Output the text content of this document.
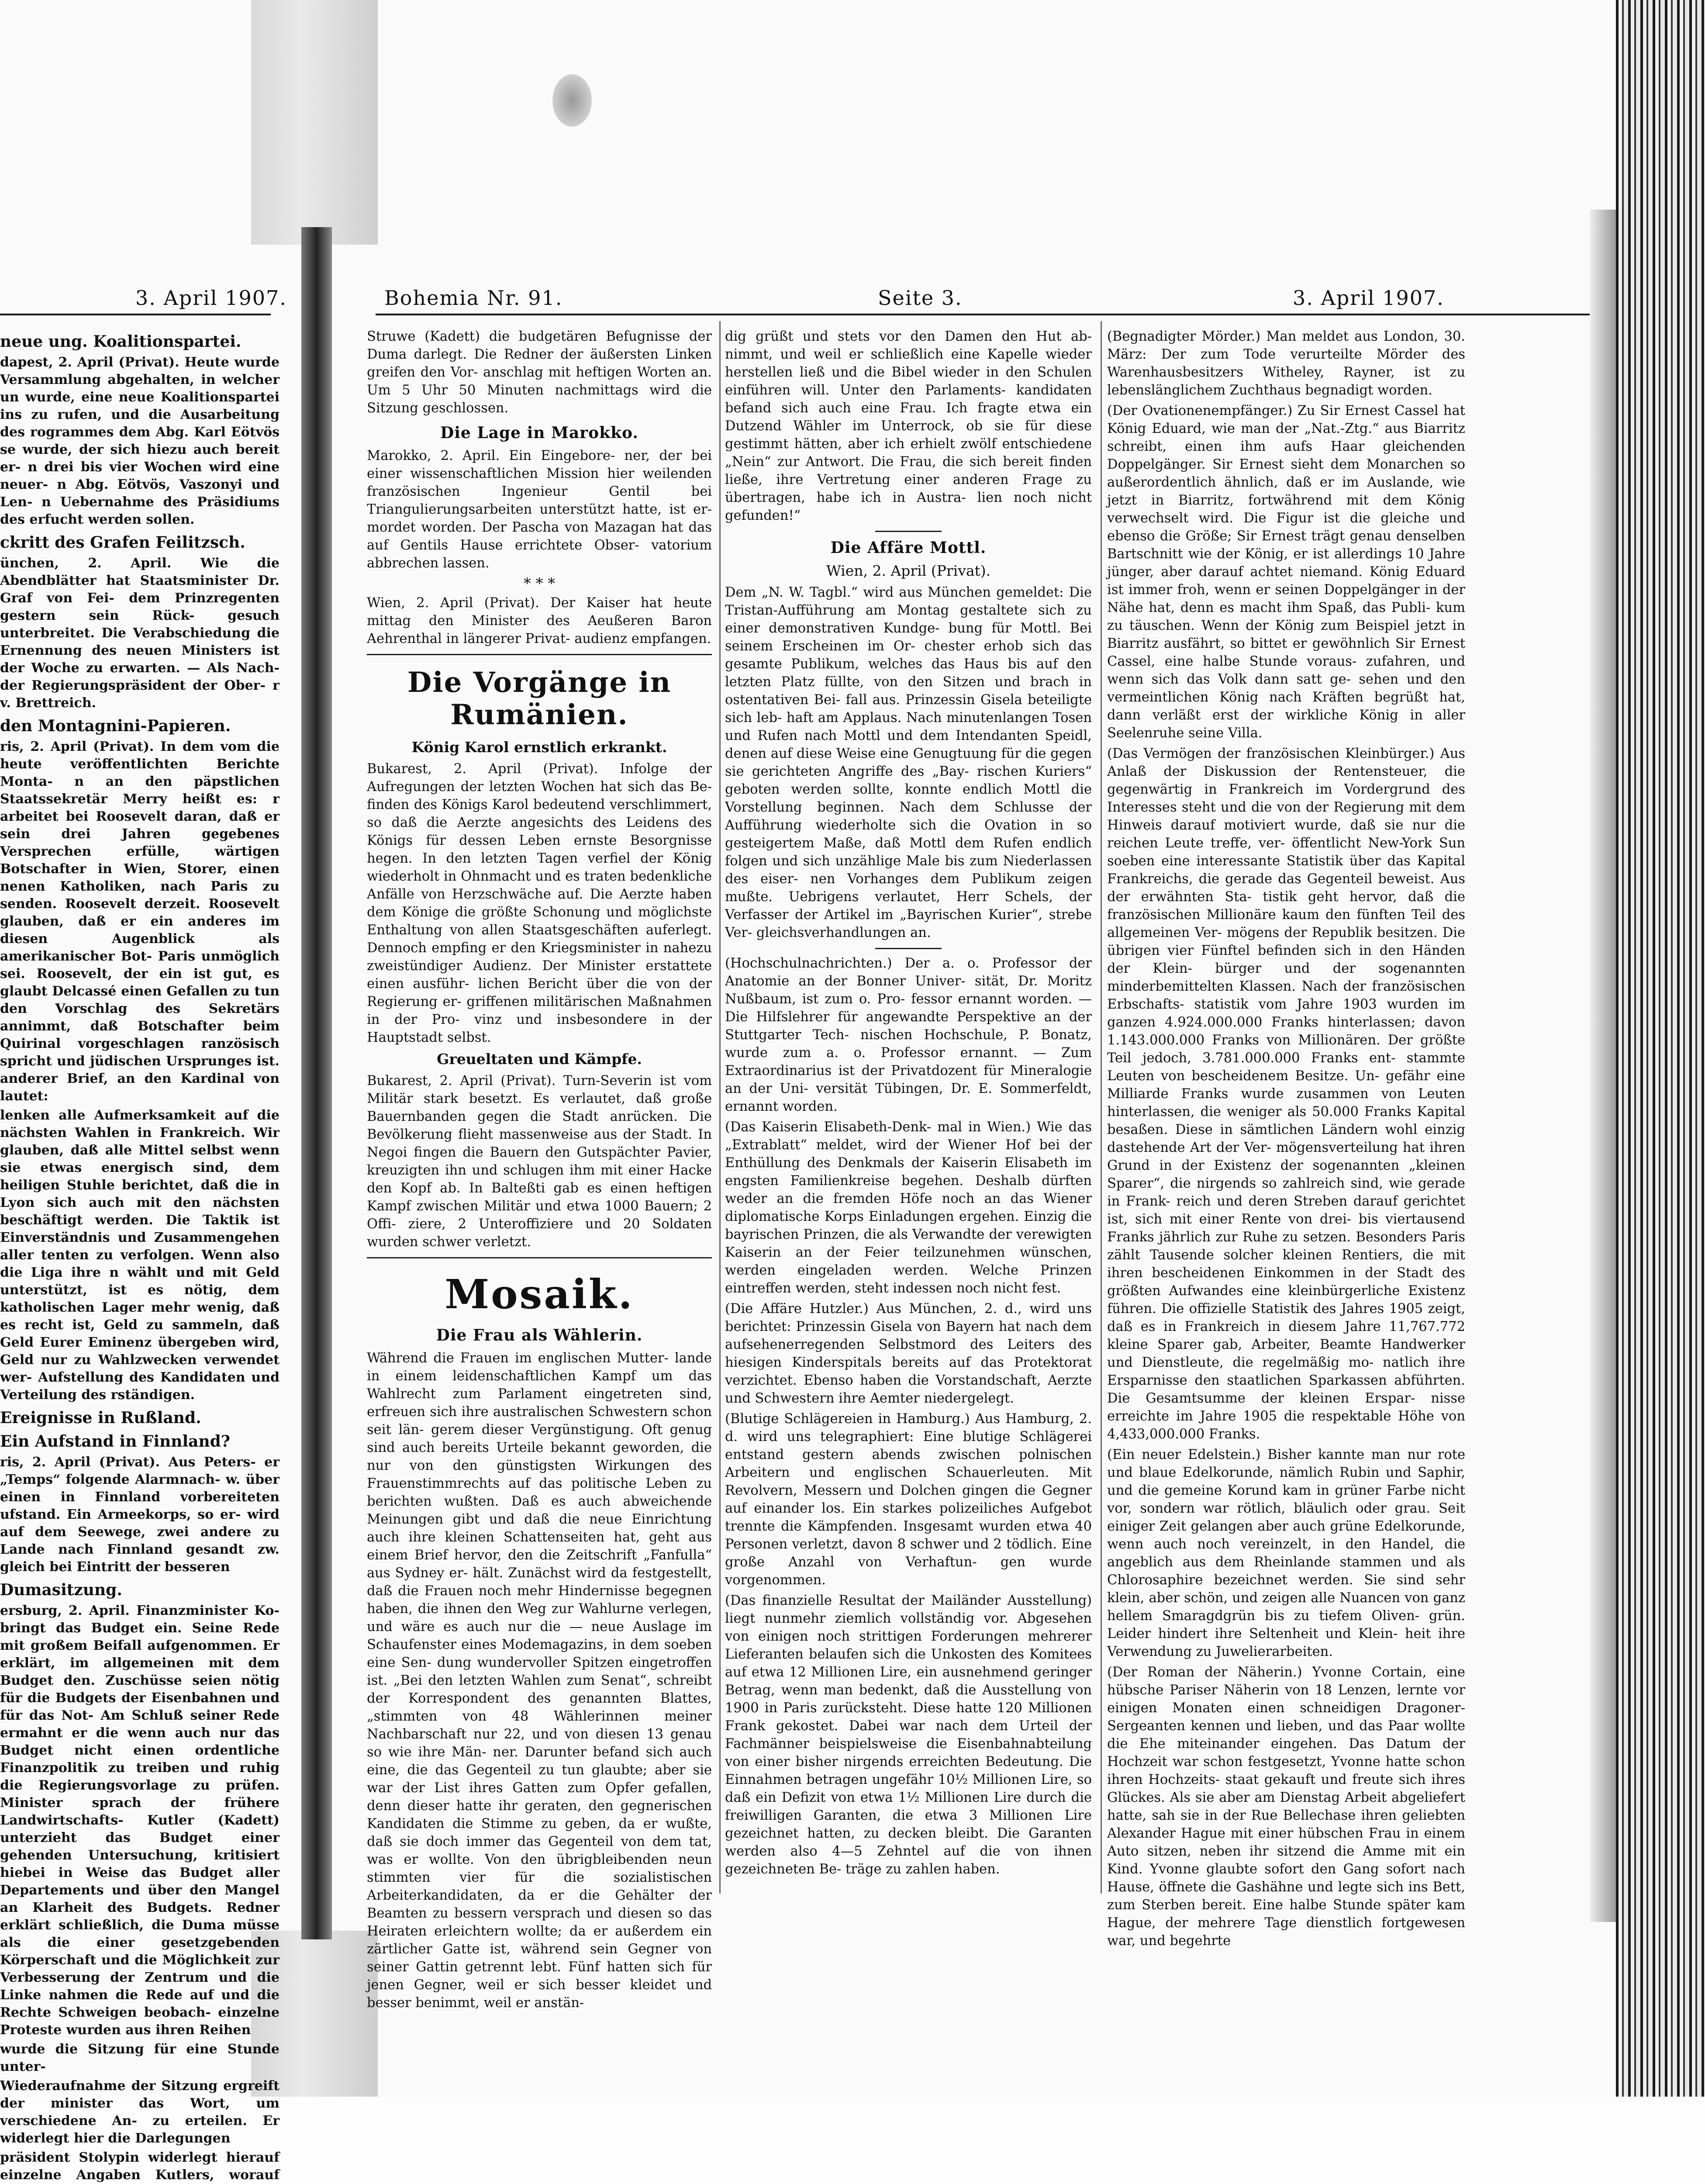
3. April 1907.
neue ung. Koalitionspartei.

dapest, 2. April (Privat). Heute wurde Versammlung abgehalten, in welcher un wurde, eine neue Koalitionspartei ins zu rufen, und die Ausarbeitung des rogrammes dem Abg. Karl Eötvös se wurde, der sich hiezu auch bereit er- n drei bis vier Wochen wird eine neuer- n Abg. Eötvös, Vaszonyi und Len- n Uebernahme des Präsidiums des erfucht werden sollen.

ckritt des Grafen Feilitzsch.

ünchen, 2. April. Wie die Abendblätter hat Staatsminister Dr. Graf von Fei- dem Prinzregenten gestern sein Rück- gesuch unterbreitet. Die Verabschiedung die Ernennung des neuen Ministers ist der Woche zu erwarten. — Als Nach- der Regierungspräsident der Ober- r v. Brettreich.

den Montagnini-Papieren.

ris, 2. April (Privat). In dem vom die heute veröffentlichten Berichte Monta- n an den päpstlichen Staatssekretär Merry heißt es: r arbeitet bei Roosevelt daran, daß er sein drei Jahren gegebenes Versprechen erfülle, wärtigen Botschafter in Wien, Storer, einen nenen Katholiken, nach Paris zu senden. Roosevelt derzeit. Roosevelt glauben, daß er ein anderes im diesen Augenblick als amerikanischer Bot- Paris unmöglich sei. Roosevelt, der ein ist gut, es glaubt Delcassé einen Gefallen zu tun den Vorschlag des Sekretärs annimmt, daß Botschafter beim Quirinal vorgeschlagen ranzösisch spricht und jüdischen Ursprunges ist. anderer Brief, an den Kardinal von lautet:

lenken alle Aufmerksamkeit auf die nächsten Wahlen in Frankreich. Wir glauben, daß alle Mittel selbst wenn sie etwas energisch sind, dem heiligen Stuhle berichtet, daß die in Lyon sich auch mit den nächsten beschäftigt werden. Die Taktik ist Einverständnis und Zusammengehen aller tenten zu verfolgen. Wenn also die Liga ihre n wählt und mit Geld unterstützt, ist es nötig, dem katholischen Lager mehr wenig, daß es recht ist, Geld zu sammeln, daß Geld Eurer Eminenz übergeben wird, Geld nur zu Wahlzwecken verwendet wer- Aufstellung des Kandidaten und Verteilung des rständigen.

Ereignisse in Rußland.
Ein Aufstand in Finnland?

ris, 2. April (Privat). Aus Peters- er „Temps“ folgende Alarmnach- w. über einen in Finnland vorbereiteten ufstand. Ein Armeekorps, so er- wird auf dem Seewege, zwei andere zu Lande nach Finnland gesandt zw. gleich bei Eintritt der besseren

Dumasitzung.

ersburg, 2. April. Finanzminister Ko- bringt das Budget ein. Seine Rede mit großem Beifall aufgenommen. Er erklärt, im allgemeinen mit dem Budget den. Zuschüsse seien nötig für die Budgets der Eisenbahnen und für das Not- Am Schluß seiner Rede ermahnt er die wenn auch nur das Budget nicht einen ordentliche Finanzpolitik zu treiben und ruhig die Regierungsvorlage zu prüfen. Minister sprach der frühere Landwirtschafts- Kutler (Kadett) unterzieht das Budget einer gehenden Untersuchung, kritisiert hiebei in Weise das Budget aller Departements und über den Mangel an Klarheit des Budgets. Redner erklärt schließlich, die Duma müsse als die einer gesetzgebenden Körperschaft und die Möglichkeit zur Verbesserung der Zentrum und die Linke nahmen die Rede auf und die Rechte Schweigen beobach- einzelne Proteste wurden aus ihren Reihen

wurde die Sitzung für eine Stunde unter-

Wiederaufnahme der Sitzung ergreift der minister das Wort, um verschiedene An- zu erteilen. Er widerlegt hier die Darlegungen

präsident Stolypin widerlegt hierauf einzelne Angaben Kutlers, worauf

Bohemia Nr. 91.	Seite 3.	3. April 1907.

Struwe (Kadett) die budgetären Befugnisse der Duma darlegt. Die Redner der äußersten Linken greifen den Vor- anschlag mit heftigen Worten an. Um 5 Uhr 50 Minuten nachmittags wird die Sitzung geschlossen.

Die Lage in Marokko.

Marokko, 2. April. Ein Eingebore- ner, der bei einer wissenschaftlichen Mission hier weilenden französischen Ingenieur Gentil bei Triangulierungsarbeiten unterstützt hatte, ist er- mordet worden. Der Pascha von Mazagan hat das auf Gentils Hause errichtete Obser- vatorium abbrechen lassen.

* * *

Wien, 2. April (Privat). Der Kaiser hat heute mittag den Minister des Aeußeren Baron Aehrenthal in längerer Privat- audienz empfangen.

Die Vorgänge in Rumänien.
König Karol ernstlich erkrankt.

Bukarest, 2. April (Privat). Infolge der Aufregungen der letzten Wochen hat sich das Be- finden des Königs Karol bedeutend verschlimmert, so daß die Aerzte angesichts des Leidens des Königs für dessen Leben ernste Besorgnisse hegen. In den letzten Tagen verfiel der König wiederholt in Ohnmacht und es traten bedenkliche Anfälle von Herzschwäche auf. Die Aerzte haben dem Könige die größte Schonung und möglichste Enthaltung von allen Staatsgeschäften auferlegt. Dennoch empfing er den Kriegsminister in nahezu zweistündiger Audienz. Der Minister erstattete einen ausführ- lichen Bericht über die von der Regierung er- griffenen militärischen Maßnahmen in der Pro- vinz und insbesondere in der Hauptstadt selbst.

Greueltaten und Kämpfe.

Bukarest, 2. April (Privat). Turn-Severin ist vom Militär stark besetzt. Es verlautet, daß große Bauernbanden gegen die Stadt anrücken. Die Bevölkerung flieht massenweise aus der Stadt. In Negoi fingen die Bauern den Gutspächter Pavier, kreuzigten ihn und schlugen ihm mit einer Hacke den Kopf ab. In Balteßti gab es einen heftigen Kampf zwischen Militär und etwa 1000 Bauern; 2 Offi- ziere, 2 Unteroffiziere und 20 Soldaten wurden schwer verletzt.

Mosaik.
Die Frau als Wählerin.

Während die Frauen im englischen Mutter- lande in einem leidenschaftlichen Kampf um das Wahlrecht zum Parlament eingetreten sind, erfreuen sich ihre australischen Schwestern schon seit län- gerem dieser Vergünstigung. Oft genug sind auch bereits Urteile bekannt geworden, die nur von den günstigsten Wirkungen des Frauenstimmrechts auf das politische Leben zu berichten wußten. Daß es auch abweichende Meinungen gibt und daß die neue Einrichtung auch ihre kleinen Schattenseiten hat, geht aus einem Brief hervor, den die Zeitschrift „Fanfulla“ aus Sydney er- hält. Zunächst wird da festgestellt, daß die Frauen noch mehr Hindernisse begegnen haben, die ihnen den Weg zur Wahlurne verlegen, und wäre es auch nur die — neue Auslage im Schaufenster eines Modemagazins, in dem soeben eine Sen- dung wundervoller Spitzen eingetroffen ist. „Bei den letzten Wahlen zum Senat“, schreibt der Korrespondent des genannten Blattes, „stimmten von 48 Wählerinnen meiner Nachbarschaft nur 22, und von diesen 13 genau so wie ihre Män- ner. Darunter befand sich auch eine, die das Gegenteil zu tun glaubte; aber sie war der List ihres Gatten zum Opfer gefallen, denn dieser hatte ihr geraten, den gegnerischen Kandidaten die Stimme zu geben, da er wußte, daß sie doch immer das Gegenteil von dem tat, was er wollte. Von den übrigbleibenden neun stimmten vier für die sozialistischen Arbeiterkandidaten, da er die Gehälter der Beamten zu bessern versprach und diesen so das Heiraten erleichtern wollte; da er außerdem ein zärtlicher Gatte ist, während sein Gegner von seiner Gattin getrennt lebt. Fünf hatten sich für jenen Gegner, weil er sich besser kleidet und besser benimmt, weil er anstän-

dig grüßt und stets vor den Damen den Hut ab- nimmt, und weil er schließlich eine Kapelle wieder herstellen ließ und die Bibel wieder in den Schulen einführen will. Unter den Parlaments- kandidaten befand sich auch eine Frau. Ich fragte etwa ein Dutzend Wähler im Unterrock, ob sie für diese gestimmt hätten, aber ich erhielt zwölf entschiedene „Nein“ zur Antwort. Die Frau, die sich bereit finden ließe, ihre Vertretung einer anderen Frage zu übertragen, habe ich in Austra- lien noch nicht gefunden!“

Die Affäre Mottl.
Wien, 2. April (Privat).

Dem „N. W. Tagbl.“ wird aus München gemeldet: Die Tristan-Aufführung am Montag gestaltete sich zu einer demonstrativen Kundge- bung für Mottl. Bei seinem Erscheinen im Or- chester erhob sich das gesamte Publikum, welches das Haus bis auf den letzten Platz füllte, von den Sitzen und brach in ostentativen Bei- fall aus. Prinzessin Gisela beteiligte sich leb- haft am Applaus. Nach minutenlangen Tosen und Rufen nach Mottl und dem Intendanten Speidl, denen auf diese Weise eine Genugtuung für die gegen sie gerichteten Angriffe des „Bay- rischen Kuriers“ geboten werden sollte, konnte endlich Mottl die Vorstellung beginnen. Nach dem Schlusse der Aufführung wiederholte sich die Ovation in so gesteigertem Maße, daß Mottl dem Rufen endlich folgen und sich unzählige Male bis zum Niederlassen des eiser- nen Vorhanges dem Publikum zeigen mußte. Uebrigens verlautet, Herr Schels, der Verfasser der Artikel im „Bayrischen Kurier“, strebe Ver- gleichsverhandlungen an.

(Hochschulnachrichten.) Der a. o. Professor der Anatomie an der Bonner Univer- sität, Dr. Moritz Nußbaum, ist zum o. Pro- fessor ernannt worden. — Die Hilfslehrer für angewandte Perspektive an der Stuttgarter Tech- nischen Hochschule, P. Bonatz, wurde zum a. o. Professor ernannt. — Zum Extraordinarius ist der Privatdozent für Mineralogie an der Uni- versität Tübingen, Dr. E. Sommerfeldt, ernannt worden.

(Das Kaiserin Elisabeth-Denk- mal in Wien.) Wie das „Extrablatt“ meldet, wird der Wiener Hof bei der Enthüllung des Denkmals der Kaiserin Elisabeth im engsten Familienkreise begehen. Deshalb dürften weder an die fremden Höfe noch an das Wiener diplomatische Korps Einladungen ergehen. Einzig die bayrischen Prinzen, die als Verwandte der verewigten Kaiserin an der Feier teilzunehmen wünschen, werden eingeladen werden. Welche Prinzen eintreffen werden, steht indessen noch nicht fest.

(Die Affäre Hutzler.) Aus München, 2. d., wird uns berichtet: Prinzessin Gisela von Bayern hat nach dem aufsehenerregenden Selbstmord des Leiters des hiesigen Kinderspitals bereits auf das Protektorat verzichtet. Ebenso haben die Vorstandschaft, Aerzte und Schwestern ihre Aemter niedergelegt.

(Blutige Schlägereien in Hamburg.) Aus Hamburg, 2. d. wird uns telegraphiert: Eine blutige Schlägerei entstand gestern abends zwischen polnischen Arbeitern und englischen Schauerleuten. Mit Revolvern, Messern und Dolchen gingen die Gegner auf einander los. Ein starkes polizeiliches Aufgebot trennte die Kämpfenden. Insgesamt wurden etwa 40 Personen verletzt, davon 8 schwer und 2 tödlich. Eine große Anzahl von Verhaftun- gen wurde vorgenommen.

(Das finanzielle Resultat der Mailänder Ausstellung) liegt nunmehr ziemlich vollständig vor. Abgesehen von einigen noch strittigen Forderungen mehrerer Lieferanten belaufen sich die Unkosten des Komitees auf etwa 12 Millionen Lire, ein ausnehmend geringer Betrag, wenn man bedenkt, daß die Ausstellung von 1900 in Paris zurücksteht. Diese hatte 120 Millionen Frank gekostet. Dabei war nach dem Urteil der Fachmänner beispielsweise die Eisenbahnabteilung von einer bisher nirgends erreichten Bedeutung. Die Einnahmen betragen ungefähr 10½ Millionen Lire, so daß ein Defizit von etwa 1½ Millionen Lire durch die freiwilligen Garanten, die etwa 3 Millionen Lire gezeichnet hatten, zu decken bleibt. Die Garanten werden also 4—5 Zehntel auf die von ihnen gezeichneten Be- träge zu zahlen haben.

(Begnadigter Mörder.) Man meldet aus London, 30. März: Der zum Tode verurteilte Mörder des Warenhausbesitzers Witheley, Rayner, ist zu lebenslänglichem Zuchthaus begnadigt worden.

(Der Ovationenempfänger.) Zu Sir Ernest Cassel hat König Eduard, wie man der „Nat.-Ztg.“ aus Biarritz schreibt, einen ihm aufs Haar gleichenden Doppelgänger. Sir Ernest sieht dem Monarchen so außerordentlich ähnlich, daß er im Auslande, wie jetzt in Biarritz, fortwährend mit dem König verwechselt wird. Die Figur ist die gleiche und ebenso die Größe; Sir Ernest trägt genau denselben Bartschnitt wie der König, er ist allerdings 10 Jahre jünger, aber darauf achtet niemand. König Eduard ist immer froh, wenn er seinen Doppelgänger in der Nähe hat, denn es macht ihm Spaß, das Publi- kum zu täuschen. Wenn der König zum Beispiel jetzt in Biarritz ausfährt, so bittet er gewöhnlich Sir Ernest Cassel, eine halbe Stunde voraus- zufahren, und wenn sich das Volk dann satt ge- sehen und den vermeintlichen König nach Kräften begrüßt hat, dann verläßt erst der wirkliche König in aller Seelenruhe seine Villa.

(Das Vermögen der französischen Kleinbürger.) Aus Anlaß der Diskussion der Rentensteuer, die gegenwärtig in Frankreich im Vordergrund des Interesses steht und die von der Regierung mit dem Hinweis darauf motiviert wurde, daß sie nur die reichen Leute treffe, ver- öffentlicht New-York Sun soeben eine interessante Statistik über das Kapital Frankreichs, die gerade das Gegenteil beweist. Aus der erwähnten Sta- tistik geht hervor, daß die französischen Millionäre kaum den fünften Teil des allgemeinen Ver- mögens der Republik besitzen. Die übrigen vier Fünftel befinden sich in den Händen der Klein- bürger und der sogenannten minderbemittelten Klassen. Nach der französischen Erbschafts- statistik vom Jahre 1903 wurden im ganzen 4.924.000.000 Franks hinterlassen; davon 1.143.000.000 Franks von Millionären. Der größte Teil jedoch, 3.781.000.000 Franks ent- stammte Leuten von bescheidenem Besitze. Un- gefähr eine Milliarde Franks wurde zusammen von Leuten hinterlassen, die weniger als 50.000 Franks Kapital besaßen. Diese in sämtlichen Ländern wohl einzig dastehende Art der Ver- mögensverteilung hat ihren Grund in der Existenz der sogenannten „kleinen Sparer“, die nirgends so zahlreich sind, wie gerade in Frank- reich und deren Streben darauf gerichtet ist, sich mit einer Rente von drei- bis viertausend Franks jährlich zur Ruhe zu setzen. Besonders Paris zählt Tausende solcher kleinen Rentiers, die mit ihren bescheidenen Einkommen in der Stadt des größten Aufwandes eine kleinbürgerliche Existenz führen. Die offizielle Statistik des Jahres 1905 zeigt, daß es in Frankreich in diesem Jahre 11,767.772 kleine Sparer gab, Arbeiter, Beamte Handwerker und Dienstleute, die regelmäßig mo- natlich ihre Ersparnisse den staatlichen Sparkassen abführten. Die Gesamtsumme der kleinen Erspar- nisse erreichte im Jahre 1905 die respektable Höhe von 4,433,000.000 Franks.

(Ein neuer Edelstein.) Bisher kannte man nur rote und blaue Edelkorunde, nämlich Rubin und Saphir, und die gemeine Korund kam in grüner Farbe nicht vor, sondern war rötlich, bläulich oder grau. Seit einiger Zeit gelangen aber auch grüne Edelkorunde, wenn auch noch vereinzelt, in den Handel, die angeblich aus dem Rheinlande stammen und als Chlorosaphire bezeichnet werden. Sie sind sehr klein, aber schön, und zeigen alle Nuancen von ganz hellem Smaragdgrün bis zu tiefem Oliven- grün. Leider hindert ihre Seltenheit und Klein- heit ihre Verwendung zu Juwelierarbeiten.

(Der Roman der Näherin.) Yvonne Cortain, eine hübsche Pariser Näherin von 18 Lenzen, lernte vor einigen Monaten einen schneidigen Dragoner-Sergeanten kennen und lieben, und das Paar wollte die Ehe miteinander eingehen. Das Datum der Hochzeit war schon festgesetzt, Yvonne hatte schon ihren Hochzeits- staat gekauft und freute sich ihres Glückes. Als sie aber am Dienstag Arbeit abgeliefert hatte, sah sie in der Rue Bellechase ihren geliebten Alexander Hague mit einer hübschen Frau in einem Auto sitzen, neben ihr sitzend die Amme mit ein Kind. Yvonne glaubte sofort den Gang sofort nach Hause, öffnete die Gashähne und legte sich ins Bett, zum Sterben bereit. Eine halbe Stunde später kam Hague, der mehrere Tage dienstlich fortgewesen war, und begehrte
